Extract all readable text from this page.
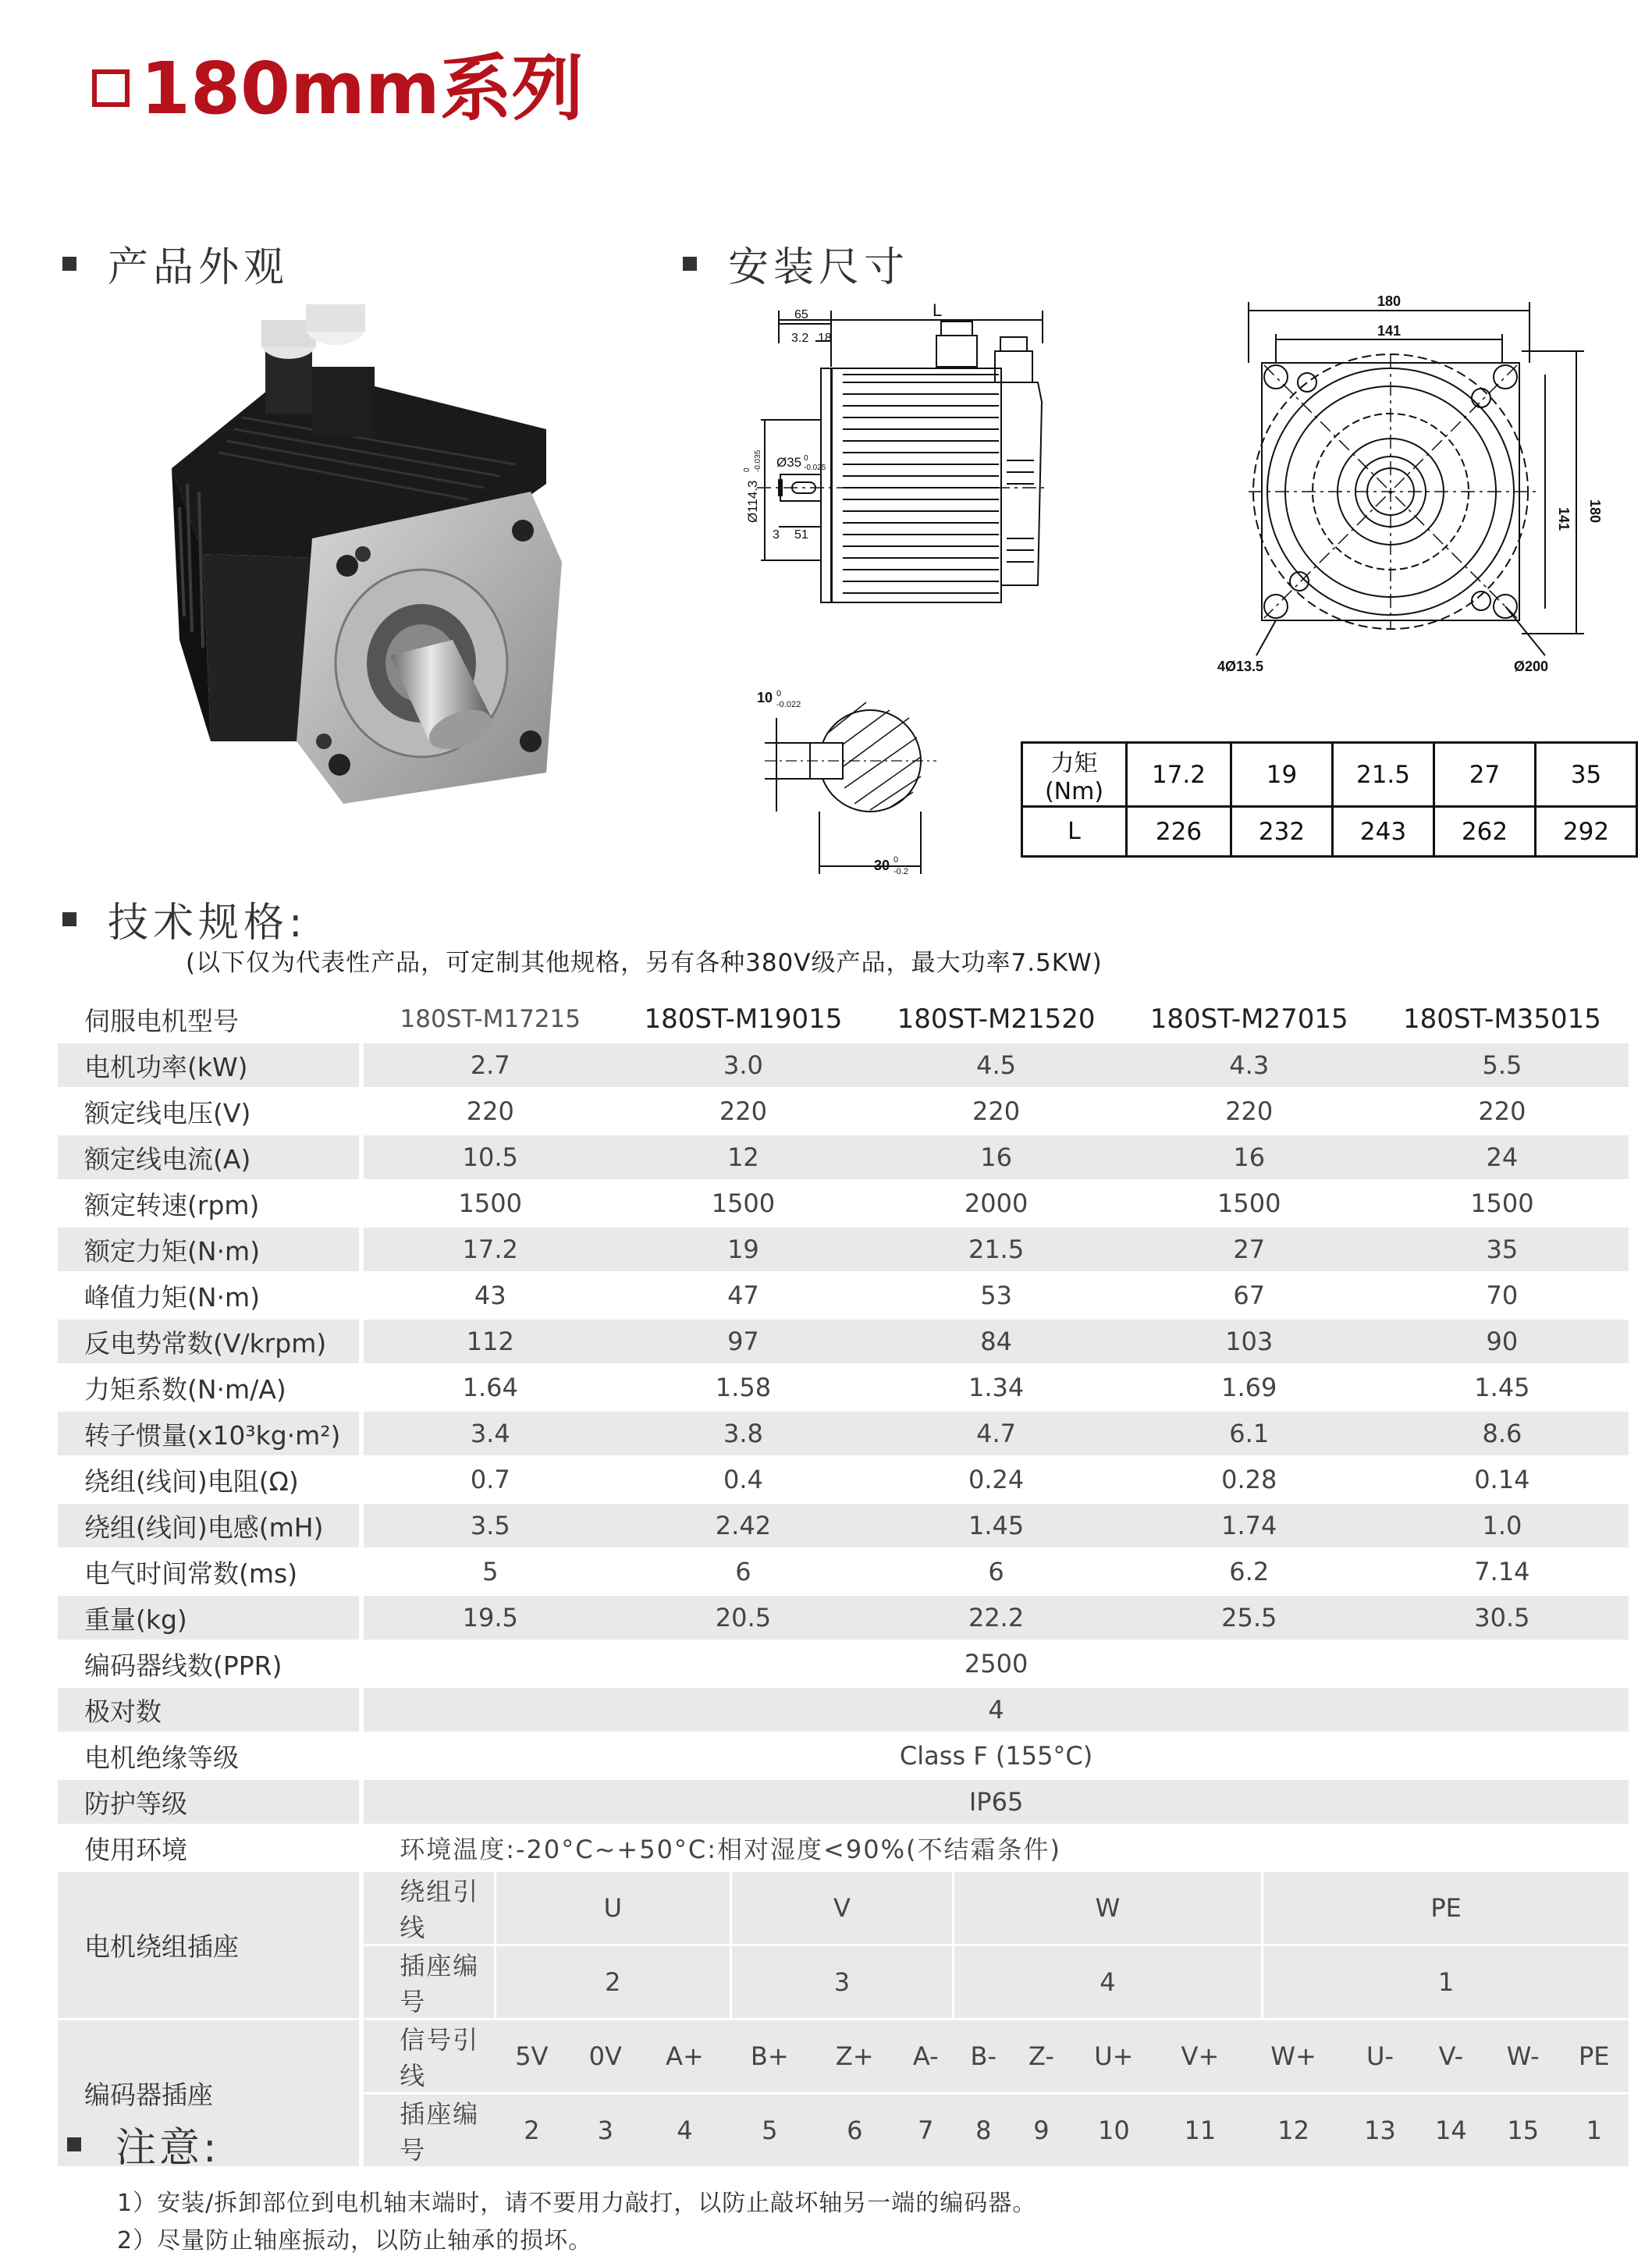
180mm系列
产品外观	安装尺寸
L
65
3.2 18
Ø35 0
-0.025
Ø114.3
0 -0.035
3 51
180
141
141 180
4Ø13.5	Ø200
10 0
-0.022
30 0
-0.2
力矩(Nm)	17.2	19	21.5	27	35
L	226	232	243	262	292
技术规格:
(以下仅为代表性产品，可定制其他规格，另有各种380V级产品，最大功率7.5KW)
伺服电机型号		180ST-M17215	180ST-M19015	180ST-M21520	180ST-M27015	180ST-M35015
电机功率(kW)		2.7	3.0	4.5	4.3	5.5
额定线电压(V)		220	220	220	220	220
额定线电流(A)		10.5	12	16	16	24
额定转速(rpm)		1500	1500	2000	1500	1500
额定力矩(N·m)		17.2	19	21.5	27	35
峰值力矩(N·m)		43	47	53	67	70
反电势常数(V/krpm)		112	97	84	103	90
力矩系数(N·m/A)		1.64	1.58	1.34	1.69	1.45
转子惯量(x10³kg·m²)		3.4	3.8	4.7	6.1	8.6
绕组(线间)电阻(Ω)		0.7	0.4	0.24	0.28	0.14
绕组(线间)电感(mH)		3.5	2.42	1.45	1.74	1.0
电气时间常数(ms)		5	6	6	6.2	7.14
重量(kg)		19.5	20.5	22.2	25.5	30.5
编码器线数(PPR)		2500
极对数		4
电机绝缘等级		Class F (155°C)
防护等级		IP65
使用环境		环境温度:-20°C~+50°C:相对湿度<90%(不结霜条件)
电机绕组插座		
绕组引线	U	V	W	PE
插座编号	2	3	4	1

编码器插座		
信号引线	5V	0V	A+	B+	Z+	A-	B-	Z-	U+	V+	W+	U-	V-	W-	PE
插座编号	2	3	4	5	6	7	8	9	10	11	12	13	14	15	1
注意:
1）安装/拆卸部位到电机轴末端时，请不要用力敲打，以防止敲坏轴另一端的编码器。
2）尽量防止轴座振动，以防止轴承的损坏。
